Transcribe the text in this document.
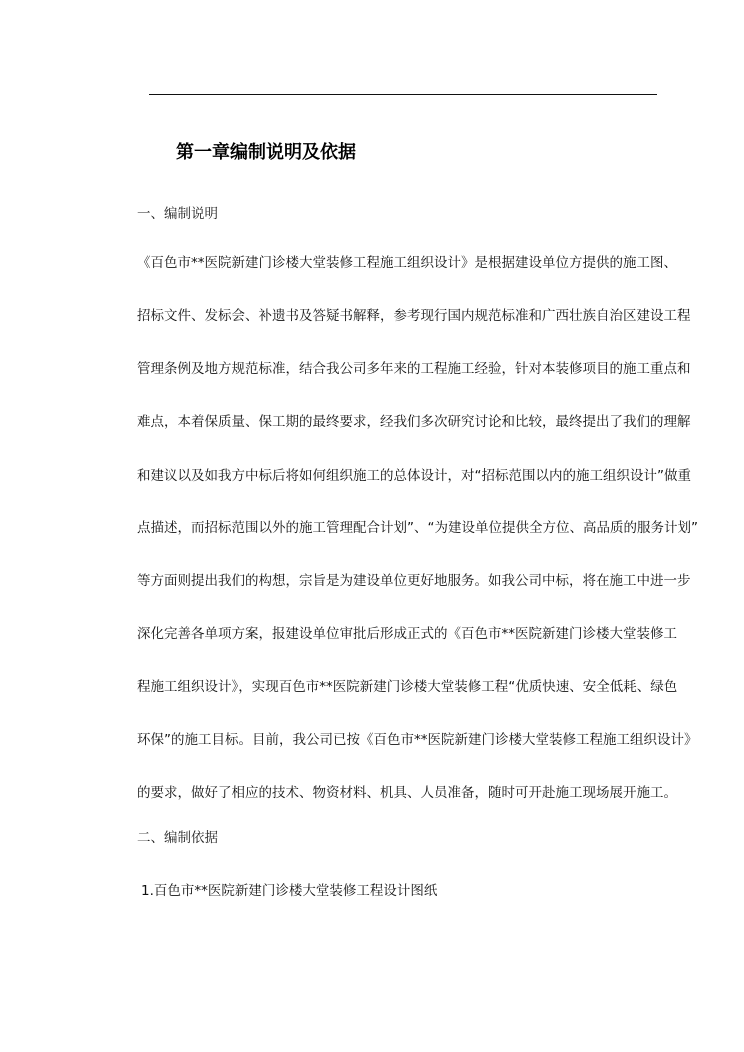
第一章编制说明及依据
一、编制说明
《百色市**医院新建门诊楼大堂装修工程施工组织设计》是根据建设单位方提供的施工图、
招标文件、发标会、补遗书及答疑书解释，参考现行国内规范标准和广西壮族自治区建设工程
管理条例及地方规范标准，结合我公司多年来的工程施工经验，针对本装修项目的施工重点和
难点，本着保质量、保工期的最终要求，经我们多次研究讨论和比较，最终提出了我们的理解
和建议以及如我方中标后将如何组织施工的总体设计，对“招标范围以内的施工组织设计”做重
点描述，而招标范围以外的施工管理配合计划”、“为建设单位提供全方位、高品质的服务计划”
等方面则提出我们的构想，宗旨是为建设单位更好地服务。如我公司中标，将在施工中进一步
深化完善各单项方案，报建设单位审批后形成正式的《百色市**医院新建门诊楼大堂装修工
程施工组织设计》，实现百色市**医院新建门诊楼大堂装修工程“优质快速、安全低耗、绿色
环保”的施工目标。目前，我公司已按《百色市**医院新建门诊楼大堂装修工程施工组织设计》
的要求，做好了相应的技术、物资材料、机具、人员准备，随时可开赴施工现场展开施工。
二、编制依据
1.百色市**医院新建门诊楼大堂装修工程设计图纸
